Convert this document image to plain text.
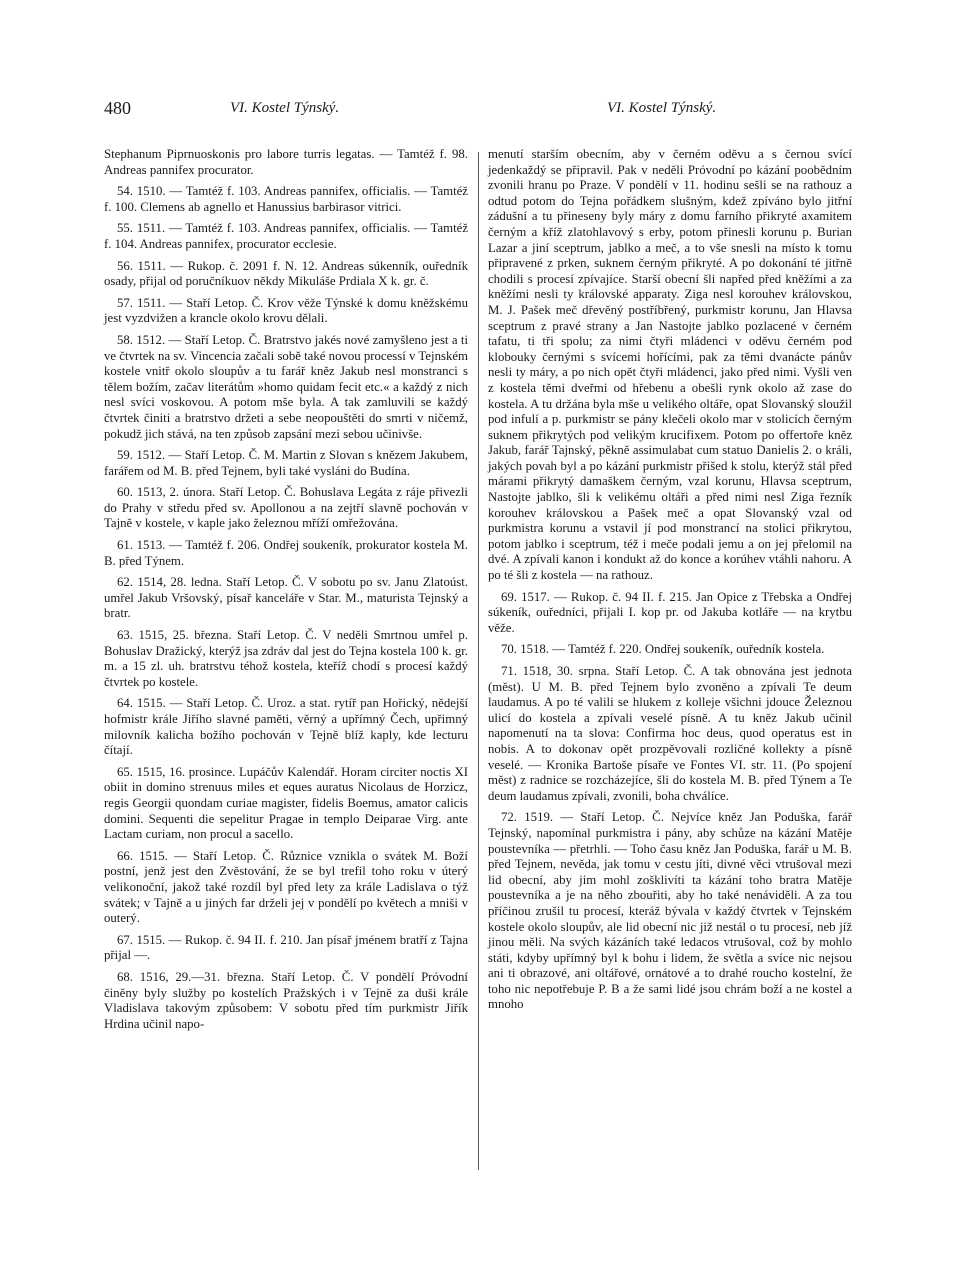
480	VI. Kostel Týnský.	VI. Kostel Týnský.

Stephanum Piprnuoskonis pro labore turris legatas. — Tamtéž f. 98. Andreas pannifex procurator.

54. 1510. — Tamtéž f. 103. Andreas pannifex, officialis. — Tamtéž f. 100. Clemens ab agnello et Hanussius barbirasor vitrici.

55. 1511. — Tamtéž f. 103. Andreas pannifex, officialis. — Tamtéž f. 104. Andreas pannifex, procurator ecclesie.

56. 1511. — Rukop. č. 2091 f. N. 12. Andreas súkenník, ouředník osady, přijal od poručníkuov někdy Mikuláše Prdiala X k. gr. č.

57. 1511. — Staří Letop. Č. Krov věže Týnské k domu kněžskému jest vyzdvižen a krancle okolo krovu dělali.

58. 1512. — Staří Letop. Č. Bratrstvo jakés nové zamyšleno jest a ti ve čtvrtek na sv. Vincencia začali sobě také novou processí v Tejnském kostele vnitř okolo sloupův a tu farář kněz Jakub nesl monstranci s tělem božím, začav literátům »homo quidam fecit etc.« a každý z nich nesl svíci voskovou. A potom mše byla. A tak zamluvili se každý čtvrtek činiti a bratrstvo držeti a sebe neopouštěti do smrti v ničemž, pokudž jich stává, na ten způsob zapsání mezi sebou učinivše.

59. 1512. — Staří Letop. Č. M. Martin z Slovan s knězem Jakubem, farářem od M. B. před Tejnem, byli také vysláni do Budína.

60. 1513, 2. února. Staří Letop. Č. Bohuslava Legáta z ráje přivezli do Prahy v středu před sv. Apollonou a na zejtří slavně pochován v Tajně v kostele, v kaple jako železnou mříží omřežována.

61. 1513. — Tamtéž f. 206. Ondřej soukeník, prokurator kostela M. B. před Týnem.

62. 1514, 28. ledna. Staří Letop. Č. V sobotu po sv. Janu Zlatoúst. umřel Jakub Vršovský, písař kanceláře v Star. M., maturista Tejnský a bratr.

63. 1515, 25. března. Staří Letop. Č. V neděli Smrtnou umřel p. Bohuslav Dražický, kterýž jsa zdráv dal jest do Tejna kostela 100 k. gr. m. a 15 zl. uh. bratrstvu téhož kostela, kteříž chodí s procesí každý čtvrtek po kostele.

64. 1515. — Staří Letop. Č. Uroz. a stat. rytíř pan Hořický, nědejší hofmistr krále Jiřího slavné paměti, věrný a upřímný Čech, upřimný milovník kalicha božího pochován v Tejně blíž kaply, kde lecturu čítají.

65. 1515, 16. prosince. Lupáčův Kalendář. Horam circiter noctis XI obiit in domino strenuus miles et eques auratus Nicolaus de Horzicz, regis Georgii quondam curiae magister, fidelis Boemus, amator calicis domini. Sequenti die sepelitur Pragae in templo Deiparae Virg. ante Lactam curiam, non procul a sacello.

66. 1515. — Staří Letop. Č. Různice vznikla o svátek M. Boží postní, jenž jest den Zvěstování, že se byl trefil toho roku v úterý velikonoční, jakož také rozdíl byl před lety za krále Ladislava o týž svátek; v Tajně a u jiných far drželi jej v pondělí po květech a mniši v outerý.

67. 1515. — Rukop. č. 94 II. f. 210. Jan písař jménem bratří z Tajna přijal —.

68. 1516, 29.—31. března. Staří Letop. Č. V pondělí Próvodní činěny byly služby po kostelích Pražských i v Tejně za duši krále Vladislava takovým způsobem: V sobotu před tím purkmistr Jiřík Hrdina učinil napo-

menutí starším obecním, aby v černém oděvu a s černou svící jedenkaždý se připravil. Pak v neděli Próvodní po kázání poobědním zvonili hranu po Praze. V pondělí v 11. hodinu sešli se na rathouz a odtud potom do Tejna pořádkem slušným, kdež zpíváno bylo jitřní zádušní a tu přineseny byly máry z domu farního přikryté axamitem černým a kříž zlatohlavový s erby, potom přinesli korunu p. Burian Lazar a jiní sceptrum, jablko a meč, a to vše snesli na místo k tomu připravené z prken, suknem černým přikryté. A po dokonání té jitřně chodili s procesí zpívajíce. Starší obecní šli napřed před kněžími a za kněžími nesli ty královské apparaty. Ziga nesl korouhev královskou, M. J. Pašek meč dřevěný postříbřený, purkmistr korunu, Jan Hlavsa sceptrum z pravé strany a Jan Nastojte jablko pozlacené v černém tafatu, ti tři spolu; za nimi čtyři mládenci v oděvu černém pod klobouky černými s svícemi hořícími, pak za těmi dvanácte pánův nesli ty máry, a po nich opět čtyři mládenci, jako před nimi. Vyšli ven z kostela těmi dveřmi od hřebenu a obešli rynk okolo až zase do kostela. A tu držána byla mše u velikého oltáře, opat Slovanský sloužil pod infulí a p. purkmistr se pány klečeli okolo mar v stolicích černým suknem přikrytých pod velikým krucifixem. Potom po offertoře kněz Jakub, farář Tajnský, pěkně assimulabat cum statuo Danielis 2. o králi, jakých povah byl a po kázání purkmistr přišed k stolu, kterýž stál před márami přikrytý damaškem černým, vzal korunu, Hlavsa sceptrum, Nastojte jablko, šli k velikému oltáři a před nimi nesl Ziga řezník korouhev královskou a Pašek meč a opat Slovanský vzal od purkmistra korunu a vstavil jí pod monstrancí na stolici přikrytou, potom jablko i sceptrum, též i meče podali jemu a on jej přelomil na dvé. A zpívali kanon i kondukt až do konce a korúhev vtáhli nahoru. A po té šli z kostela — na rathouz.

69. 1517. — Rukop. č. 94 II. f. 215. Jan Opice z Třebska a Ondřej súkeník, ouředníci, přijali I. kop pr. od Jakuba kotláře — na krytbu věže.

70. 1518. — Tamtéž f. 220. Ondřej soukeník, ouředník kostela.

71. 1518, 30. srpna. Staří Letop. Č. A tak obnována jest jednota (měst). U M. B. před Tejnem bylo zvoněno a zpívali Te deum laudamus. A po té valili se hlukem z kolleje všichni jdouce Železnou ulicí do kostela a zpívali veselé písně. A tu kněz Jakub učinil napomenutí na ta slova: Confirma hoc deus, quod operatus est in nobis. A to dokonav opět prozpěvovali rozličné kollekty a písně veselé. — Kronika Bartoše písaře ve Fontes VI. str. 11. (Po spojení měst) z radnice se rozcházejíce, šli do kostela M. B. před Týnem a Te deum laudamus zpívali, zvonili, boha chválíce.

72. 1519. — Staří Letop. Č. Nejvíce kněz Jan Poduška, farář Tejnský, napomínal purkmistra i pány, aby schůze na kázání Matěje poustevníka — přetrhli. — Toho času kněz Jan Poduška, farář u M. B. před Tejnem, nevěda, jak tomu v cestu jíti, divné věci vtrušoval mezi lid obecní, aby jim mohl zošklivíti ta kázání toho bratra Matěje poustevníka a je na něho zbouřiti, aby ho také nenáviděli. A za tou příčinou zrušil tu procesí, kteráž bývala v každý čtvrtek v Tejnském kostele okolo sloupův, ale lid obecní nic již nestál o tu procesí, neb jíž jinou měli. Na svých kázáních také ledacos vtrušoval, což by mohlo státi, kdyby upřímný byl k bohu i lidem, že světla a svíce nic nejsou ani ti obrazové, ani oltářové, ornátové a to drahé roucho kostelní, že toho nic nepotřebuje P. B a že sami lidé jsou chrám boží a ne kostel a mnoho
